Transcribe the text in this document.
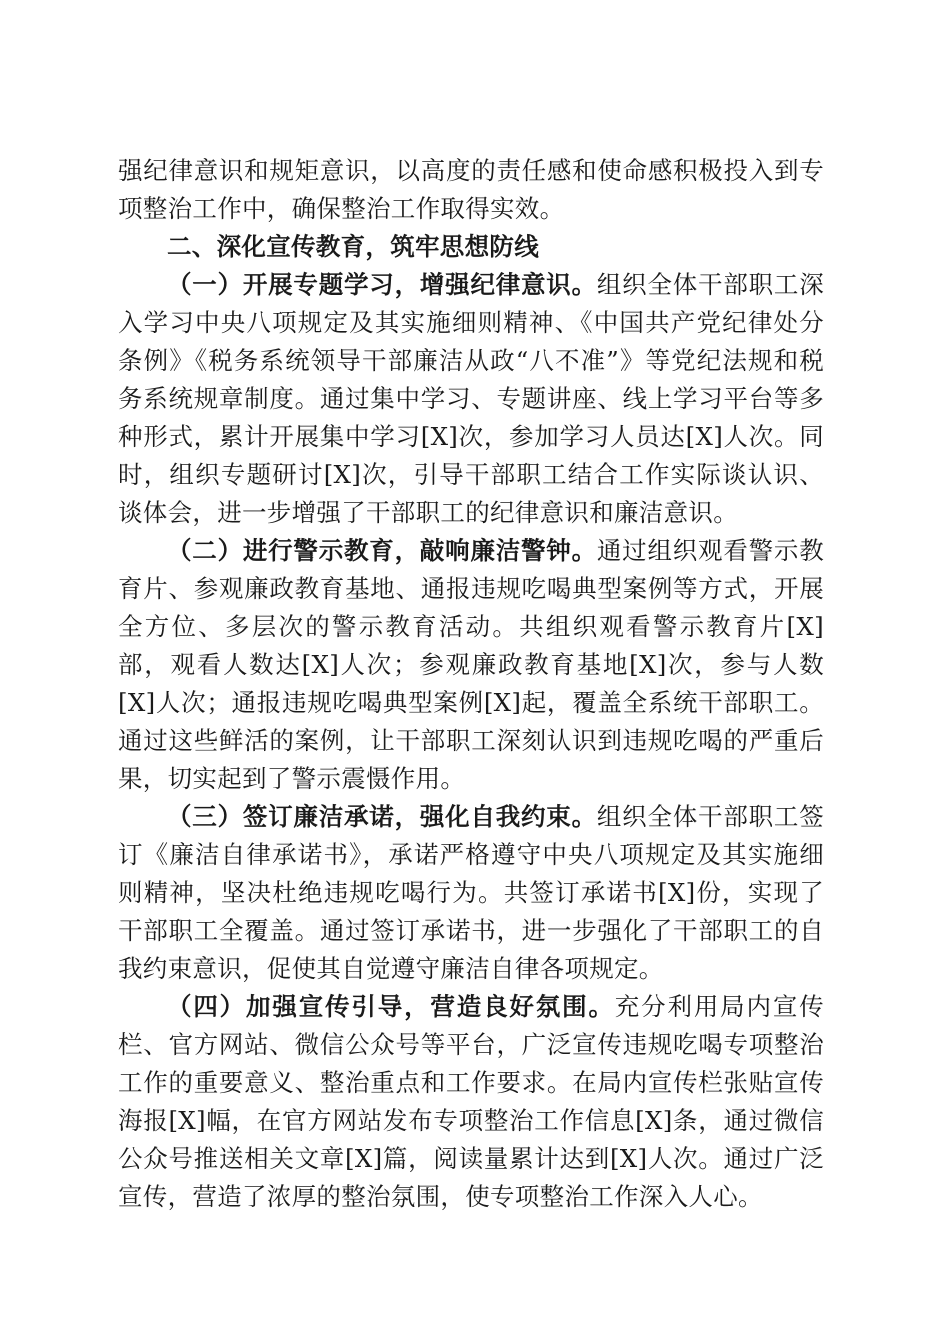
强纪律意识和规矩意识，以高度的责任感和使命感积极投入到专项整治工作中，确保整治工作取得实效。

二、深化宣传教育，筑牢思想防线

（一）开展专题学习，增强纪律意识。组织全体干部职工深入学习中央八项规定及其实施细则精神、《中国共产党纪律处分条例》《税务系统领导干部廉洁从政“八不准”》等党纪法规和税务系统规章制度。通过集中学习、专题讲座、线上学习平台等多种形式，累计开展集中学习[X]次，参加学习人员达[X]人次。同时，组织专题研讨[X]次，引导干部职工结合工作实际谈认识、谈体会，进一步增强了干部职工的纪律意识和廉洁意识。

（二）进行警示教育，敲响廉洁警钟。通过组织观看警示教育片、参观廉政教育基地、通报违规吃喝典型案例等方式，开展全方位、多层次的警示教育活动。共组织观看警示教育片[X]部，观看人数达[X]人次；参观廉政教育基地[X]次，参与人数[X]人次；通报违规吃喝典型案例[X]起，覆盖全系统干部职工。通过这些鲜活的案例，让干部职工深刻认识到违规吃喝的严重后果，切实起到了警示震慑作用。

（三）签订廉洁承诺，强化自我约束。组织全体干部职工签订《廉洁自律承诺书》，承诺严格遵守中央八项规定及其实施细则精神，坚决杜绝违规吃喝行为。共签订承诺书[X]份，实现了干部职工全覆盖。通过签订承诺书，进一步强化了干部职工的自我约束意识，促使其自觉遵守廉洁自律各项规定。

（四）加强宣传引导，营造良好氛围。充分利用局内宣传栏、官方网站、微信公众号等平台，广泛宣传违规吃喝专项整治工作的重要意义、整治重点和工作要求。在局内宣传栏张贴宣传海报[X]幅，在官方网站发布专项整治工作信息[X]条，通过微信公众号推送相关文章[X]篇，阅读量累计达到[X]人次。通过广泛宣传，营造了浓厚的整治氛围，使专项整治工作深入人心。
